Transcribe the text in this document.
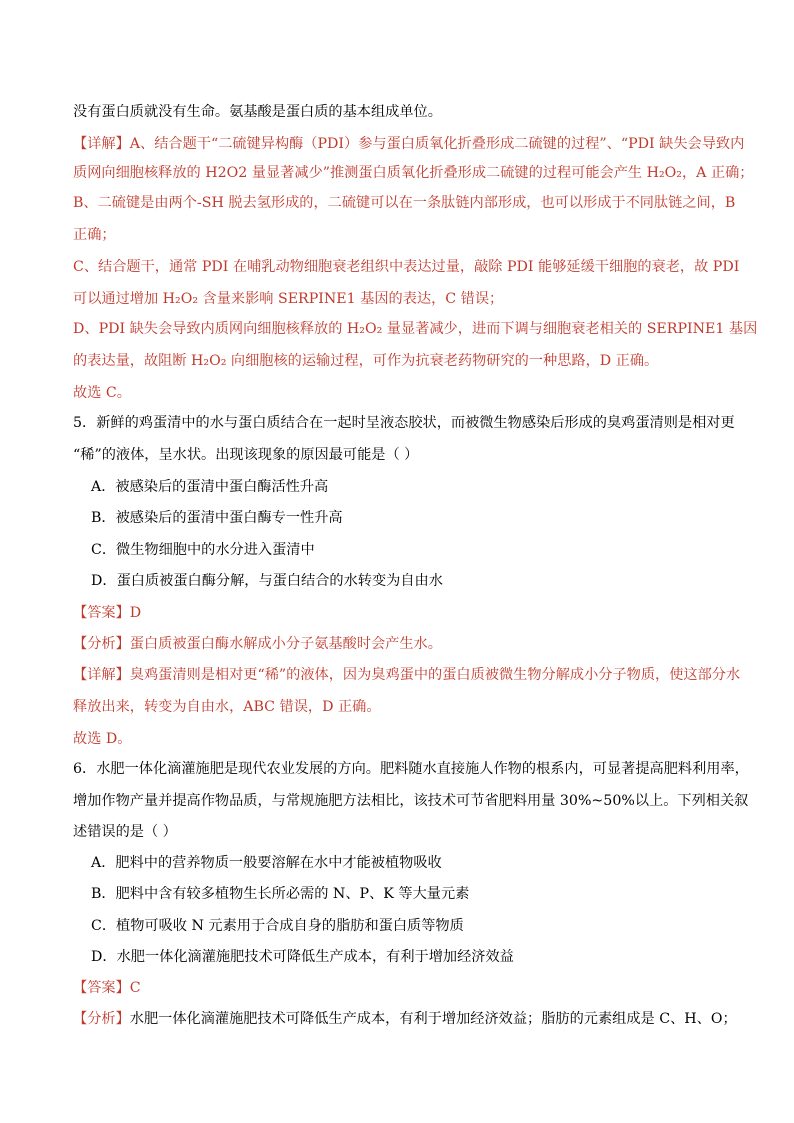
没有蛋白质就没有生命。氨基酸是蛋白质的基本组成单位。
【详解】A、结合题干“二硫键异构酶（PDI）参与蛋白质氧化折叠形成二硫键的过程”、“PDI 缺失会导致内
质网向细胞核释放的 H2O2 量显著减少”推测蛋白质氧化折叠形成二硫键的过程可能会产生 H₂O₂，A 正确；
B、二硫键是由两个-SH 脱去氢形成的，二硫键可以在一条肽链内部形成，也可以形成于不同肽链之间，B
正确；
C、结合题干，通常 PDI 在哺乳动物细胞衰老组织中表达过量，敲除 PDI 能够延缓干细胞的衰老，故 PDI
可以通过增加 H₂O₂ 含量来影响 SERPINE1 基因的表达，C 错误；
D、PDI 缺失会导致内质网向细胞核释放的 H₂O₂ 量显著减少，进而下调与细胞衰老相关的 SERPINE1 基因
的表达量，故阻断 H₂O₂ 向细胞核的运输过程，可作为抗衰老药物研究的一种思路，D 正确。
故选 C。
5．新鲜的鸡蛋清中的水与蛋白质结合在一起时呈液态胶状，而被微生物感染后形成的臭鸡蛋清则是相对更
“稀”的液体，呈水状。出现该现象的原因最可能是（ ）
A．被感染后的蛋清中蛋白酶活性升高
B．被感染后的蛋清中蛋白酶专一性升高
C．微生物细胞中的水分进入蛋清中
D．蛋白质被蛋白酶分解，与蛋白结合的水转变为自由水
【答案】D
【分析】蛋白质被蛋白酶水解成小分子氨基酸时会产生水。
【详解】臭鸡蛋清则是相对更“稀”的液体，因为臭鸡蛋中的蛋白质被微生物分解成小分子物质，使这部分水
释放出来，转变为自由水，ABC 错误，D 正确。
故选 D。
6．水肥一体化滴灌施肥是现代农业发展的方向。肥料随水直接施人作物的根系内，可显著提高肥料利用率，
增加作物产量并提高作物品质，与常规施肥方法相比，该技术可节省肥料用量 30%~50%以上。下列相关叙
述错误的是（ ）
A．肥料中的营养物质一般要溶解在水中才能被植物吸收
B．肥料中含有较多植物生长所必需的 N、P、K 等大量元素
C．植物可吸收 N 元素用于合成自身的脂肪和蛋白质等物质
D．水肥一体化滴灌施肥技术可降低生产成本，有利于增加经济效益
【答案】C
【分析】水肥一体化滴灌施肥技术可降低生产成本，有利于增加经济效益；脂肪的元素组成是 C、H、O；
